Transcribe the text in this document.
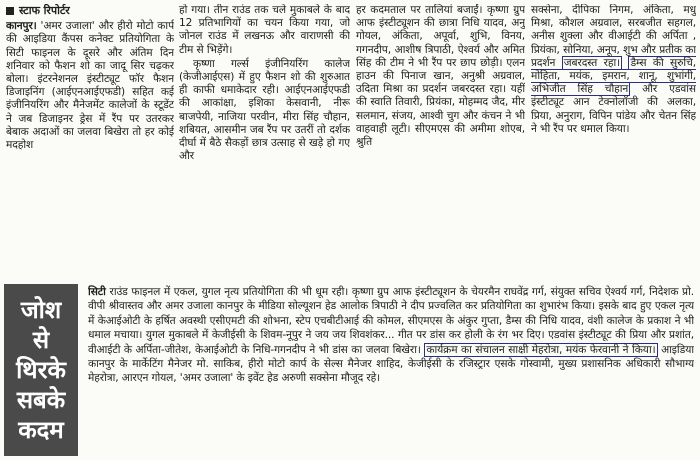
स्टाफ रिपोर्टर

कानपुर। 'अमर उजाला' और हीरो मोटो कार्प की आइडिया कैंपस कनेक्ट प्रतियोगिता के सिटी फाइनल के दूसरे और अंतिम दिन शनिवार को फैशन शो का जादू सिर चढ़कर बोला। इंटरनेशनल इंस्टीट्यूट फॉर फैशन डिजाइनिंग (आईएनआईएफडी) सहित कई इंजीनियरिंग और मैनेजमेंट कालेजों के स्टूडेंट ने जब डिजाइनर ड्रेस में रैंप पर उतरकर बेबाक अदाओं का जलवा बिखेरा तो हर कोई मदहोश

हो गया। तीन राउंड तक चले मुकाबले के बाद 12 प्रतिभागियों का चयन किया गया, जो जोनल राउंड में लखनऊ और वाराणसी की टीम से भिड़ेंगे।

कृष्णा गर्ल्स इंजीनियरिंग कालेज (केजीआईएस) में हुए फैशन शो की शुरुआत ही काफी धमाकेदार रही। आईएनआईएफडी की आकांक्षा, इशिका केसवानी, नीरू बाजपेयी, नाजिया परवीन, मीरा सिंह चौहान, शबियत, आसमीन जब रैंप पर उतरीं तो दर्शक दीर्घा में बैठे सैकड़ों छात्र उत्साह से खड़े हो गए और

हर कदमताल पर तालियां बजाईं। कृष्णा ग्रुप आफ इंस्टीट्यूशन की छात्रा निधि यादव, अनु गोयल, अंकिता, अपूर्वा, शुभि, विनय, गगनदीप, आशीष त्रिपाठी, ऐश्वर्य और अमित सिंह की टीम ने भी रैंप पर छाप छोड़ी। एलन हाउन की पिनाज खान, अनुश्री अग्रवाल, उदिता मिश्रा का प्रदर्शन जबरदस्त रहा। यहीं की स्वाति तिवारी, प्रियंका, मोहम्मद जैद, मीर सलमान, संजय, आश्वी चुग और कंचन ने भी वाहवाही लूटी। सीएमएस की अमीमा शोएब, श्रुति

सक्सेना, दीपिका निगम, अंकिता, मधु मिश्रा, कौशल अग्रवाल, सरबजीत सहगल, अनीस शुक्ला और वीआईटी की अर्पिता , प्रियंका, सोनिया, अनूप, शुभ और प्रतीक का प्रदर्शन जबरदस्त रहा। डैम्स की सुरुचि, मोहिता, मयंक, इमरान, शानू, शुभांगी, अभिजीत सिंह चौहान और एडवांस इंस्टीट्यूट आन टेक्नोलॉजी की अलका, प्रिया, अनुराग, विपिन पांडेय और चेतन सिंह ने भी रैंप पर धमाल किया।

जोश
से
थिरके
सबके
कदम
सिटी राउंड फाइनल में एकल, युगल नृत्य प्रतियोगिता की भी धूम रही। कृष्णा ग्रुप आफ इंस्टीट्यूशन के चेयरमैन राघवेंद्र गर्ग, संयुक्त सचिव ऐश्वर्य गर्ग, निदेशक प्रो. वीपी श्रीवास्तव और अमर उजाला कानपुर के मीडिया सोल्यूशन हेड आलोक त्रिपाठी ने दीप प्रज्वलित कर प्रतियोगिता का शुभारंभ किया। इसके बाद हुए एकल नृत्य में केआईओटी के हर्षित अवस्थी एसीएमटी की शोभना, स्टेप एचबीटीआई की कोमल, सीएमएस के अंकुर गुप्ता, डैम्स की निधि यादव, वंशी कालेज के प्रकाश ने भी धमाल मचाया। युगल मुकाबले में केजीईसी के शिवम-नूपुर ने जय जय शिवशंकर... गीत पर डांस कर होली के रंग भर दिए। एडवांस इंस्टीट्यूट की प्रिया और प्रशांत, वीआईटी के अर्पिता-जीतेश, केआईओटी के निधि-गगनदीप ने भी डांस का जलवा बिखेरा। कार्यक्रम का संचालन साक्षी मेहरोत्रा, मयंक फेरवानी ने किया। आइडिया कानपुर के मार्केटिंग मैनेजर मो. साकिब, हीरो मोटो कार्प के सेल्स मैनेजर शाहिद, केजीईसी के रजिस्ट्रार एसके गोस्वामी, मुख्य प्रशासनिक अधिकारी सौभाग्य मेहरोत्रा, आरएन गोयल, 'अमर उजाला' के इवेंट हेड अरुणी सक्सेना मौजूद रहे।
